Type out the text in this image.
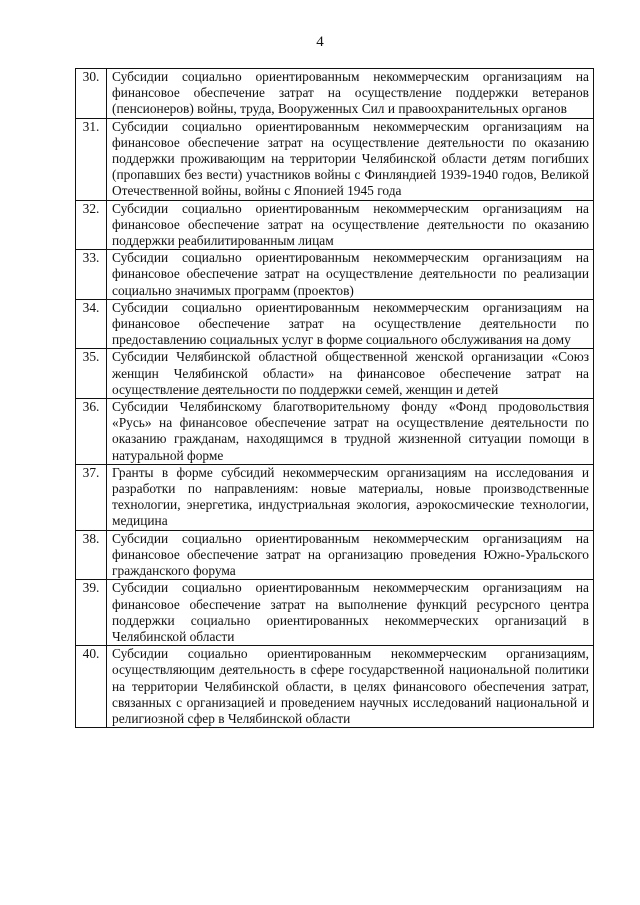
4
30.	Субсидии социально ориентированным некоммерческим организациям на финансовое обеспечение затрат на осуществление поддержки ветеранов (пенсионеров) войны, труда, Вооруженных Сил и правоохранительных органов
31.	Субсидии социально ориентированным некоммерческим организациям на финансовое обеспечение затрат на осуществление деятельности по оказанию поддержки проживающим на территории Челябинской области детям погибших (пропавших без вести) участников войны с Финляндией 1939-1940 годов, Великой Отечественной войны, войны с Японией 1945 года
32.	Субсидии социально ориентированным некоммерческим организациям на финансовое обеспечение затрат на осуществление деятельности по оказанию поддержки реабилитированным лицам
33.	Субсидии социально ориентированным некоммерческим организациям на финансовое обеспечение затрат на осуществление деятельности по реализации социально значимых программ (проектов)
34.	Субсидии социально ориентированным некоммерческим организациям на финансовое обеспечение затрат на осуществление деятельности по предоставлению социальных услуг в форме социального обслуживания на дому
35.	Субсидии Челябинской областной общественной женской организации «Союз женщин Челябинской области» на финансовое обеспечение затрат на осуществление деятельности по поддержки семей, женщин и детей
36.	Субсидии Челябинскому благотворительному фонду «Фонд продовольствия «Русь» на финансовое обеспечение затрат на осуществление деятельности по оказанию гражданам, находящимся в трудной жизненной ситуации помощи в натуральной форме
37.	Гранты в форме субсидий некоммерческим организациям на исследования и разработки по направлениям: новые материалы, новые производственные технологии, энергетика, индустриальная экология, аэрокосмические технологии, медицина
38.	Субсидии социально ориентированным некоммерческим организациям на финансовое обеспечение затрат на организацию проведения Южно-Уральского гражданского форума
39.	Субсидии социально ориентированным некоммерческим организациям на финансовое обеспечение затрат на выполнение функций ресурсного центра поддержки социально ориентированных некоммерческих организаций в Челябинской области
40.	Субсидии социально ориентированным некоммерческим организациям, осуществляющим деятельность в сфере государственной национальной политики на территории Челябинской области, в целях финансового обеспечения затрат, связанных с организацией и проведением научных исследований национальной и религиозной сфер в Челябинской области
